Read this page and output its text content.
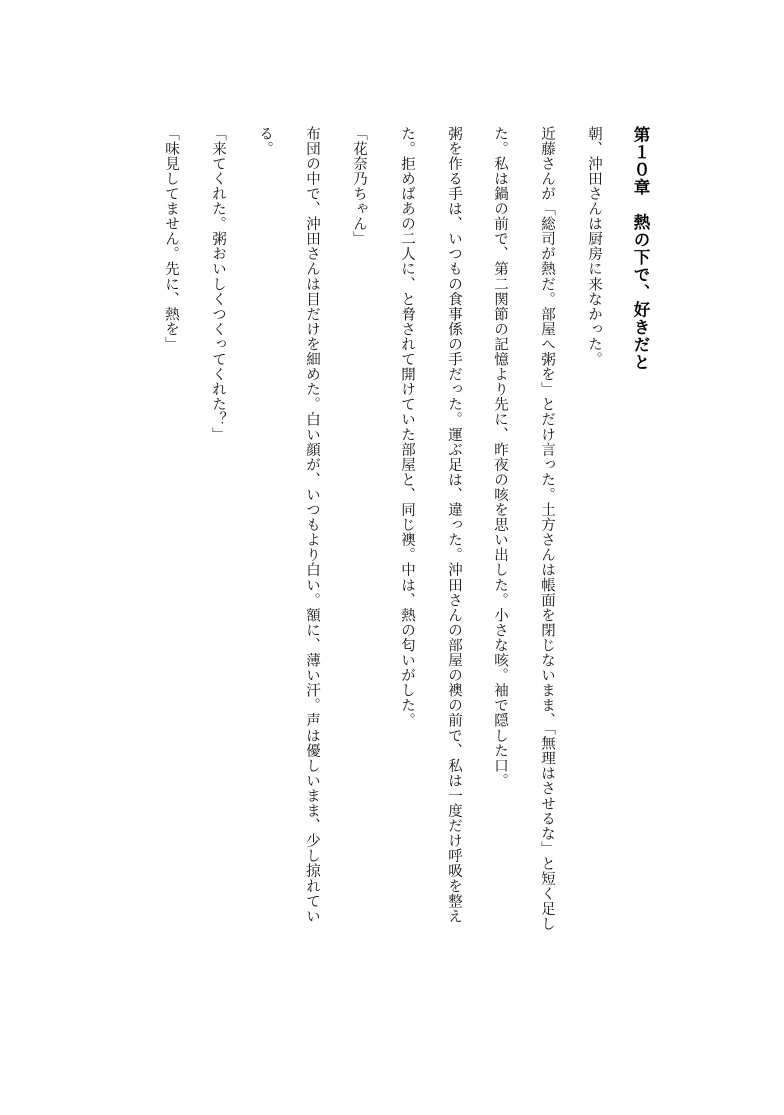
第１０章　熱の下で、好きだと
朝、沖田さんは厨房に来なかった。
近藤さんが「総司が熱だ。部屋へ粥を」とだけ言った。土方さんは帳面を閉じないまま、「無理はさせるな」と短く足し
た。私は鍋の前で、第二関節の記憶より先に、昨夜の咳を思い出した。小さな咳。袖で隠した口。
粥を作る手は、いつもの食事係の手だった。運ぶ足は、違った。沖田さんの部屋の襖の前で、私は一度だけ呼吸を整え
た。拒めばあの二人に、と脅されて開けていた部屋と、同じ襖。中は、熱の匂いがした。
「花奈乃ちゃん」
布団の中で、沖田さんは目だけを細めた。白い顔が、いつもより白い。額に、薄い汗。声は優しいまま、少し掠れてい
る。
「来てくれた。粥おいしくつくってくれた？」
「味見してません。先に、熱を」
